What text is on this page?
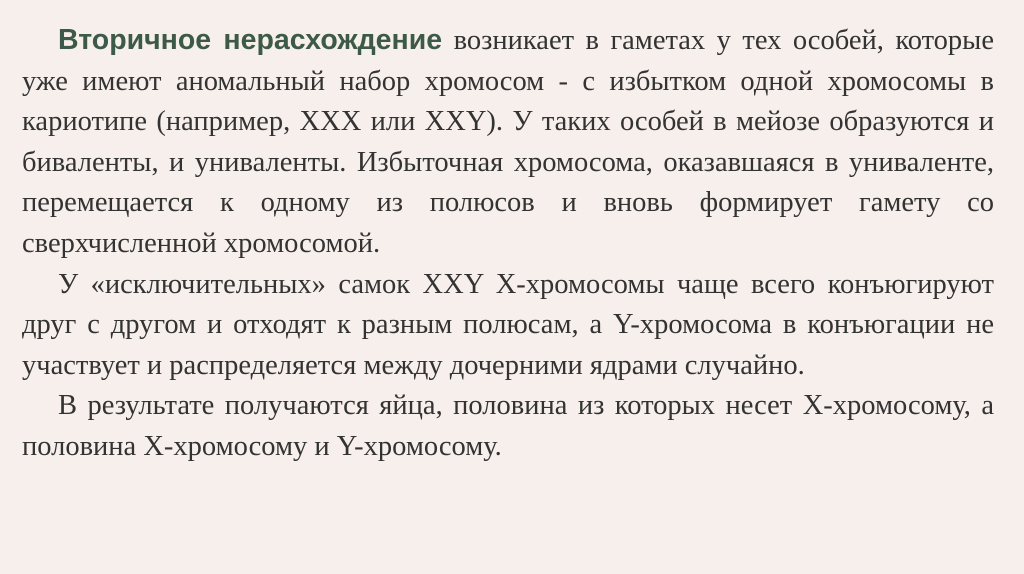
Вторичное нерасхождение возникает в гаметах у тех особей, которые уже имеют аномальный набор хромосом - с избытком одной хромосомы в кариотипе (например, XXX или XXY). У таких особей в мейозе образуются и биваленты, и униваленты. Избыточная хромосома, оказавшаяся в униваленте, перемещается к одному из полюсов и вновь формирует гамету со сверхчисленной хромосомой.

У «исключительных» самок XXY X-хромосомы чаще всего конъюгируют друг с другом и отходят к разным полюсам, а Y-хромосома в конъюгации не участвует и распределяется между дочерними ядрами случайно.

В результате получаются яйца, половина из которых несет X-хромосому, а половина X-хромосому и Y-хромосому.
